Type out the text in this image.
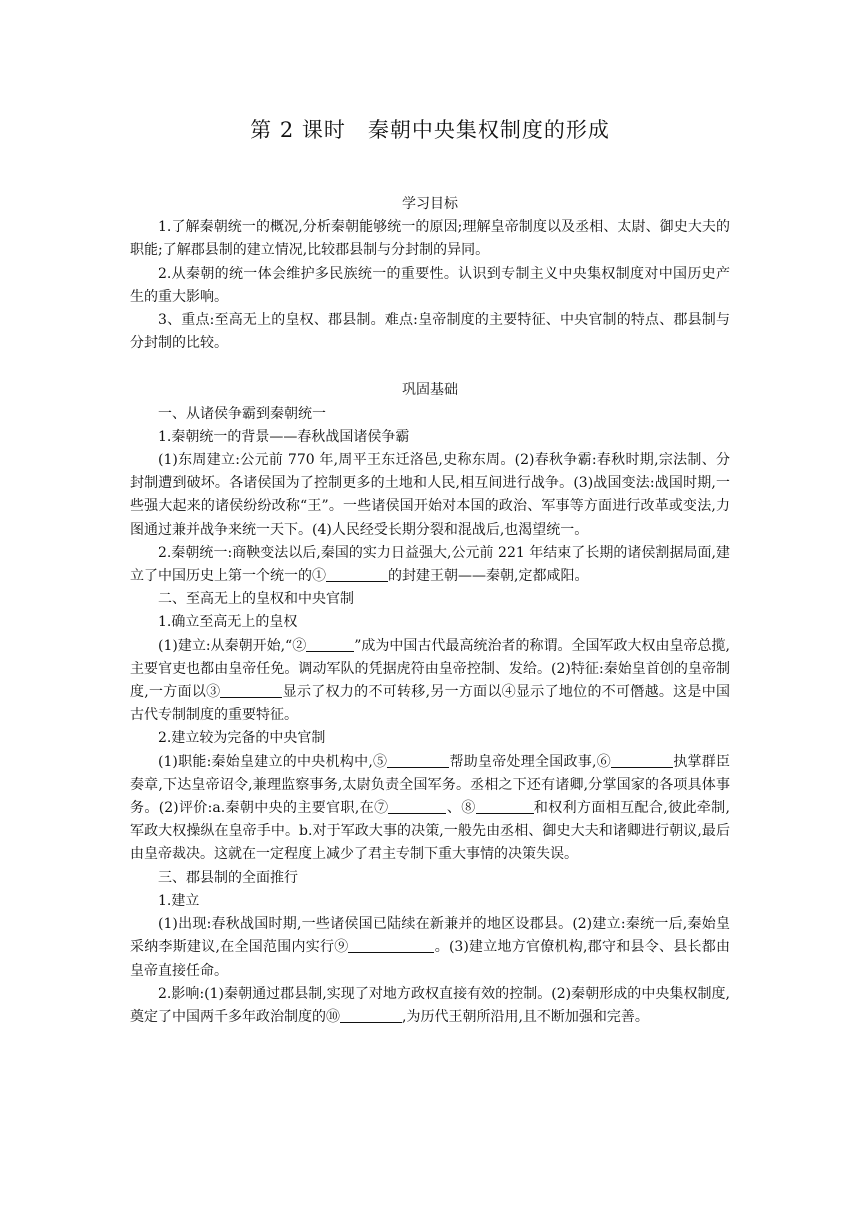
第 2 课时　秦朝中央集权制度的形成

学习目标

1.了解秦朝统一的概况,分析秦朝能够统一的原因;理解皇帝制度以及丞相、太尉、御史大夫的职能;了解郡县制的建立情况,比较郡县制与分封制的异同。

2.从秦朝的统一体会维护多民族统一的重要性。认识到专制主义中央集权制度对中国历史产生的重大影响。

3、重点:至高无上的皇权、郡县制。难点:皇帝制度的主要特征、中央官制的特点、郡县制与分封制的比较。

巩固基础

一、从诸侯争霸到秦朝统一

1.秦朝统一的背景——春秋战国诸侯争霸

(1)东周建立:公元前 770 年,周平王东迁洛邑,史称东周。(2)春秋争霸:春秋时期,宗法制、分封制遭到破坏。各诸侯国为了控制更多的土地和人民,相互间进行战争。(3)战国变法:战国时期,一些强大起来的诸侯纷纷改称“王”。一些诸侯国开始对本国的政治、军事等方面进行改革或变法,力图通过兼并战争来统一天下。(4)人民经受长期分裂和混战后,也渴望统一。

2.秦朝统一:商鞅变法以后,秦国的实力日益强大,公元前 221 年结束了长期的诸侯割据局面,建立了中国历史上第一个统一的①	的封建王朝——秦朝,定都咸阳。

二、至高无上的皇权和中央官制

1.确立至高无上的皇权

(1)建立:从秦朝开始,“②	”成为中国古代最高统治者的称谓。全国军政大权由皇帝总揽,主要官吏也都由皇帝任免。调动军队的凭据虎符由皇帝控制、发给。(2)特征:秦始皇首创的皇帝制度,一方面以③	显示了权力的不可转移,另一方面以④显示了地位的不可僭越。这是中国古代专制制度的重要特征。

2.建立较为完备的中央官制

(1)职能:秦始皇建立的中央机构中,⑤	帮助皇帝处理全国政事,⑥	执掌群臣奏章,下达皇帝诏令,兼理监察事务,太尉负责全国军务。丞相之下还有诸卿,分掌国家的各项具体事务。(2)评价:a.秦朝中央的主要官职,在⑦	、⑧	和权利方面相互配合,彼此牵制,军政大权操纵在皇帝手中。b.对于军政大事的决策,一般先由丞相、御史大夫和诸卿进行朝议,最后由皇帝裁决。这就在一定程度上减少了君主专制下重大事情的决策失误。

三、郡县制的全面推行

1.建立

(1)出现:春秋战国时期,一些诸侯国已陆续在新兼并的地区设郡县。(2)建立:秦统一后,秦始皇采纳李斯建议,在全国范围内实行⑨	。(3)建立地方官僚机构,郡守和县令、县长都由皇帝直接任命。

2.影响:(1)秦朝通过郡县制,实现了对地方政权直接有效的控制。(2)秦朝形成的中央集权制度,奠定了中国两千多年政治制度的⑩	,为历代王朝所沿用,且不断加强和完善。
